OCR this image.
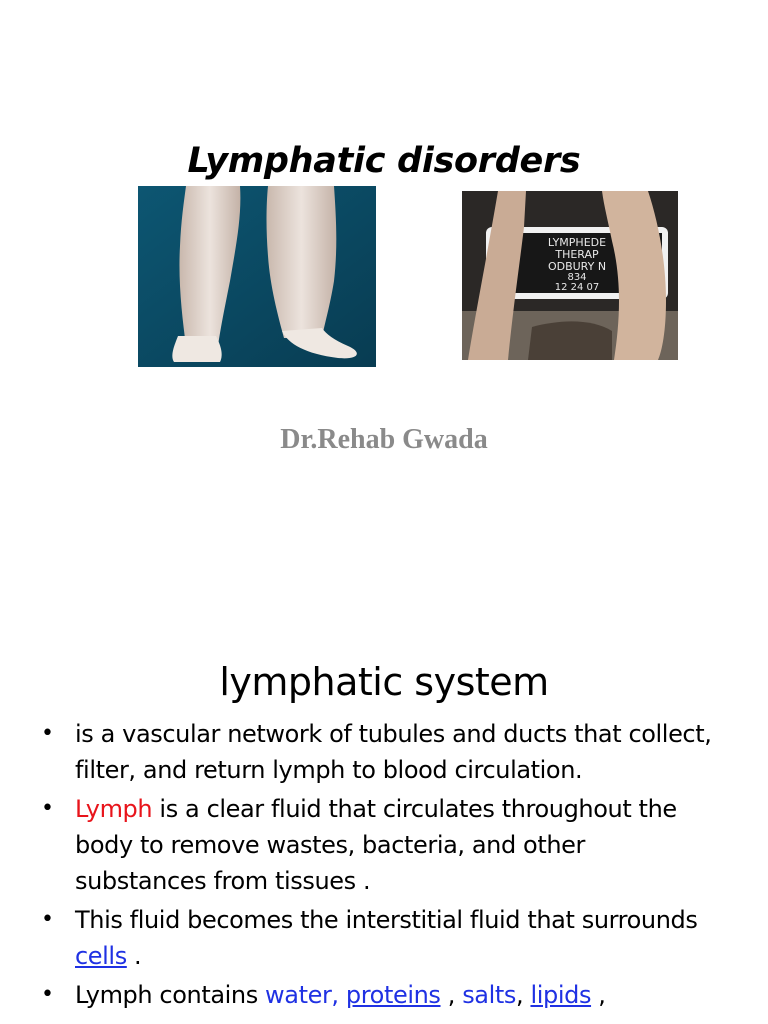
Lymphatic disorders
LYMPHEDE
THERAP
ODBURY N
834
12 24 07
Dr.Rehab Gwada
lymphatic system
• is a vascular network of tubules and ducts that collect, filter, and return lymph to blood circulation.
• Lymph is a clear fluid that circulates throughout the body to remove wastes, bacteria, and other substances from tissues .
• This fluid becomes the interstitial fluid that surrounds cells .
• Lymph contains water, proteins , salts, lipids ,
